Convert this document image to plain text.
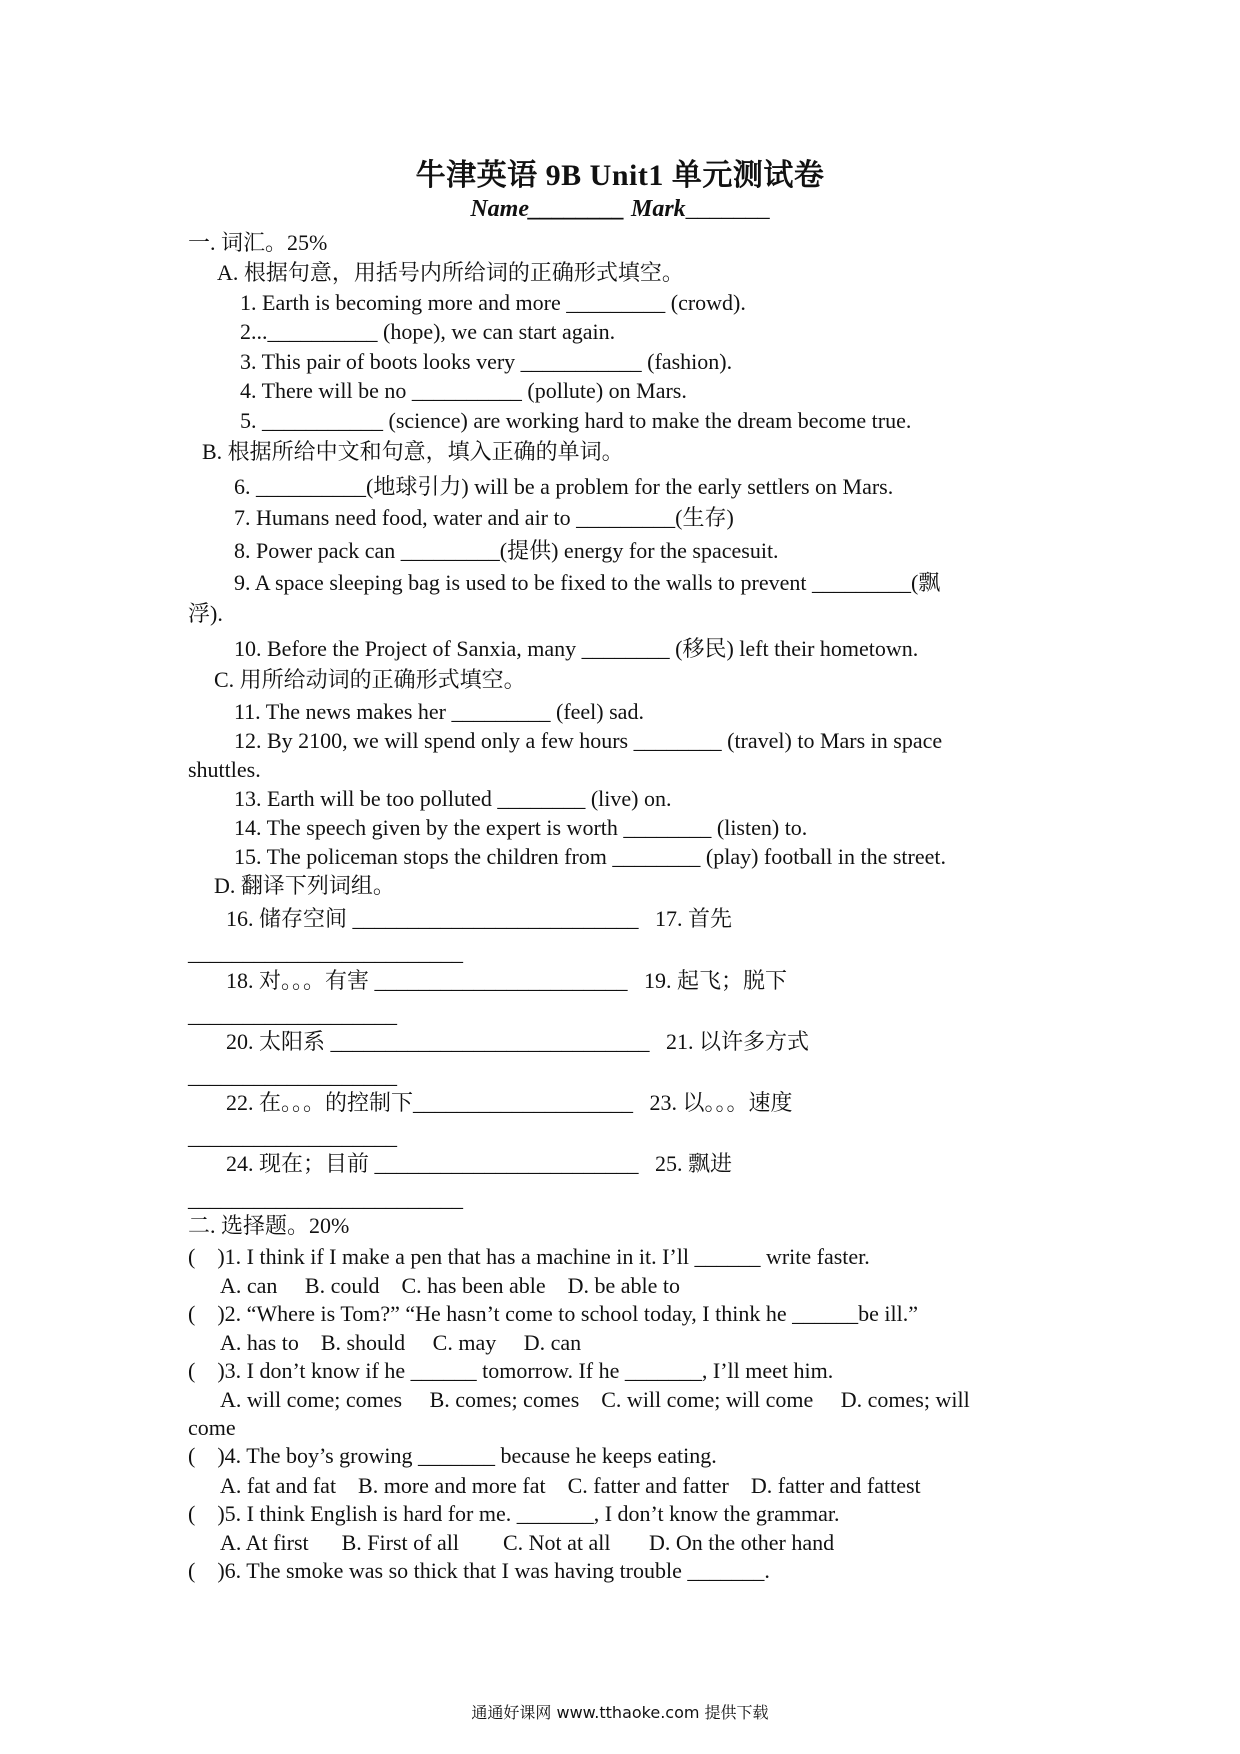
牛津英语 9B Unit1 单元测试卷
Name________ Mark_______
一. 词汇。25%
A. 根据句意，用括号内所给词的正确形式填空。
1. Earth is becoming more and more _________ (crowd).
2...__________ (hope), we can start again.
3. This pair of boots looks very ___________ (fashion).
4. There will be no __________ (pollute) on Mars.
5. ___________ (science) are working hard to make the dream become true.
B. 根据所给中文和句意，填入正确的单词。
6. __________(地球引力) will be a problem for the early settlers on Mars.
7. Humans need food, water and air to _________(生存)
8. Power pack can _________(提供) energy for the spacesuit.
9. A space sleeping bag is used to be fixed to the walls to prevent _________(飘
浮).
10. Before the Project of Sanxia, many ________ (移民) left their hometown.
C. 用所给动词的正确形式填空。
11. The news makes her _________ (feel) sad.
12. By 2100, we will spend only a few hours ________ (travel) to Mars in space
shuttles.
13. Earth will be too polluted ________ (live) on.
14. The speech given by the expert is worth ________ (listen) to.
15. The policeman stops the children from ________ (play) football in the street.
D. 翻译下列词组。
16. 储存空间 __________________________   17. 首先
_________________________
18. 对。。。有害 _______________________   19. 起飞；脱下
___________________
20. 太阳系 _____________________________   21. 以许多方式
___________________
22. 在。。。的控制下____________________   23. 以。。。速度
___________________
24. 现在；目前 ________________________   25. 飘进
_________________________
二. 选择题。20%
(    )1. I think if I make a pen that has a machine in it. I’ll ______ write faster.
A. can     B. could    C. has been able    D. be able to
(    )2. “Where is Tom?” “He hasn’t come to school today, I think he ______be ill.”
A. has to    B. should     C. may     D. can
(    )3. I don’t know if he ______ tomorrow. If he _______, I’ll meet him.
A. will come; comes     B. comes; comes    C. will come; will come     D. comes; will
come
(    )4. The boy’s growing _______ because he keeps eating.
A. fat and fat    B. more and more fat    C. fatter and fatter    D. fatter and fattest
(    )5. I think English is hard for me. _______, I don’t know the grammar.
A. At first      B. First of all        C. Not at all       D. On the other hand
(    )6. The smoke was so thick that I was having trouble _______.
通通好课网 www.tthaoke.com 提供下载
